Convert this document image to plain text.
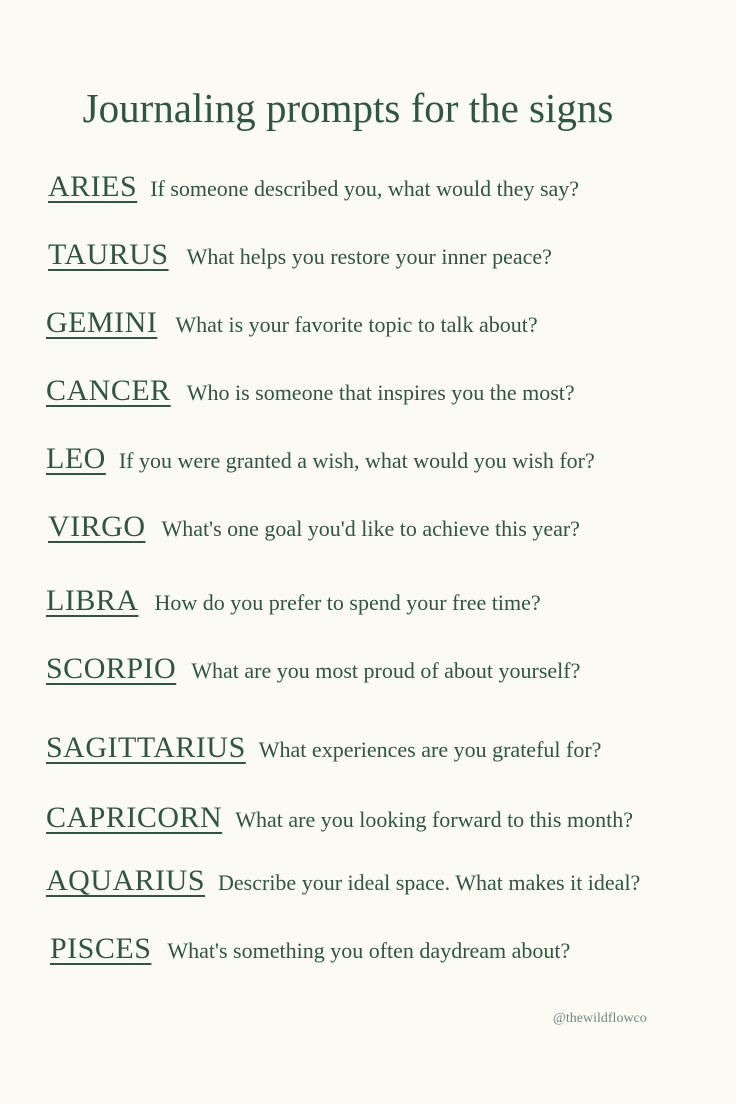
Journaling prompts for the signs
ARIES If someone described you, what would they say?
TAURUS What helps you restore your inner peace?
GEMINI What is your favorite topic to talk about?
CANCER Who is someone that inspires you the most?
LEO If you were granted a wish, what would you wish for?
VIRGO What's one goal you'd like to achieve this year?
LIBRA How do you prefer to spend your free time?
SCORPIO What are you most proud of about yourself?
SAGITTARIUS What experiences are you grateful for?
CAPRICORN What are you looking forward to this month?
AQUARIUS Describe your ideal space. What makes it ideal?
PISCES What's something you often daydream about?
@thewildflowco
